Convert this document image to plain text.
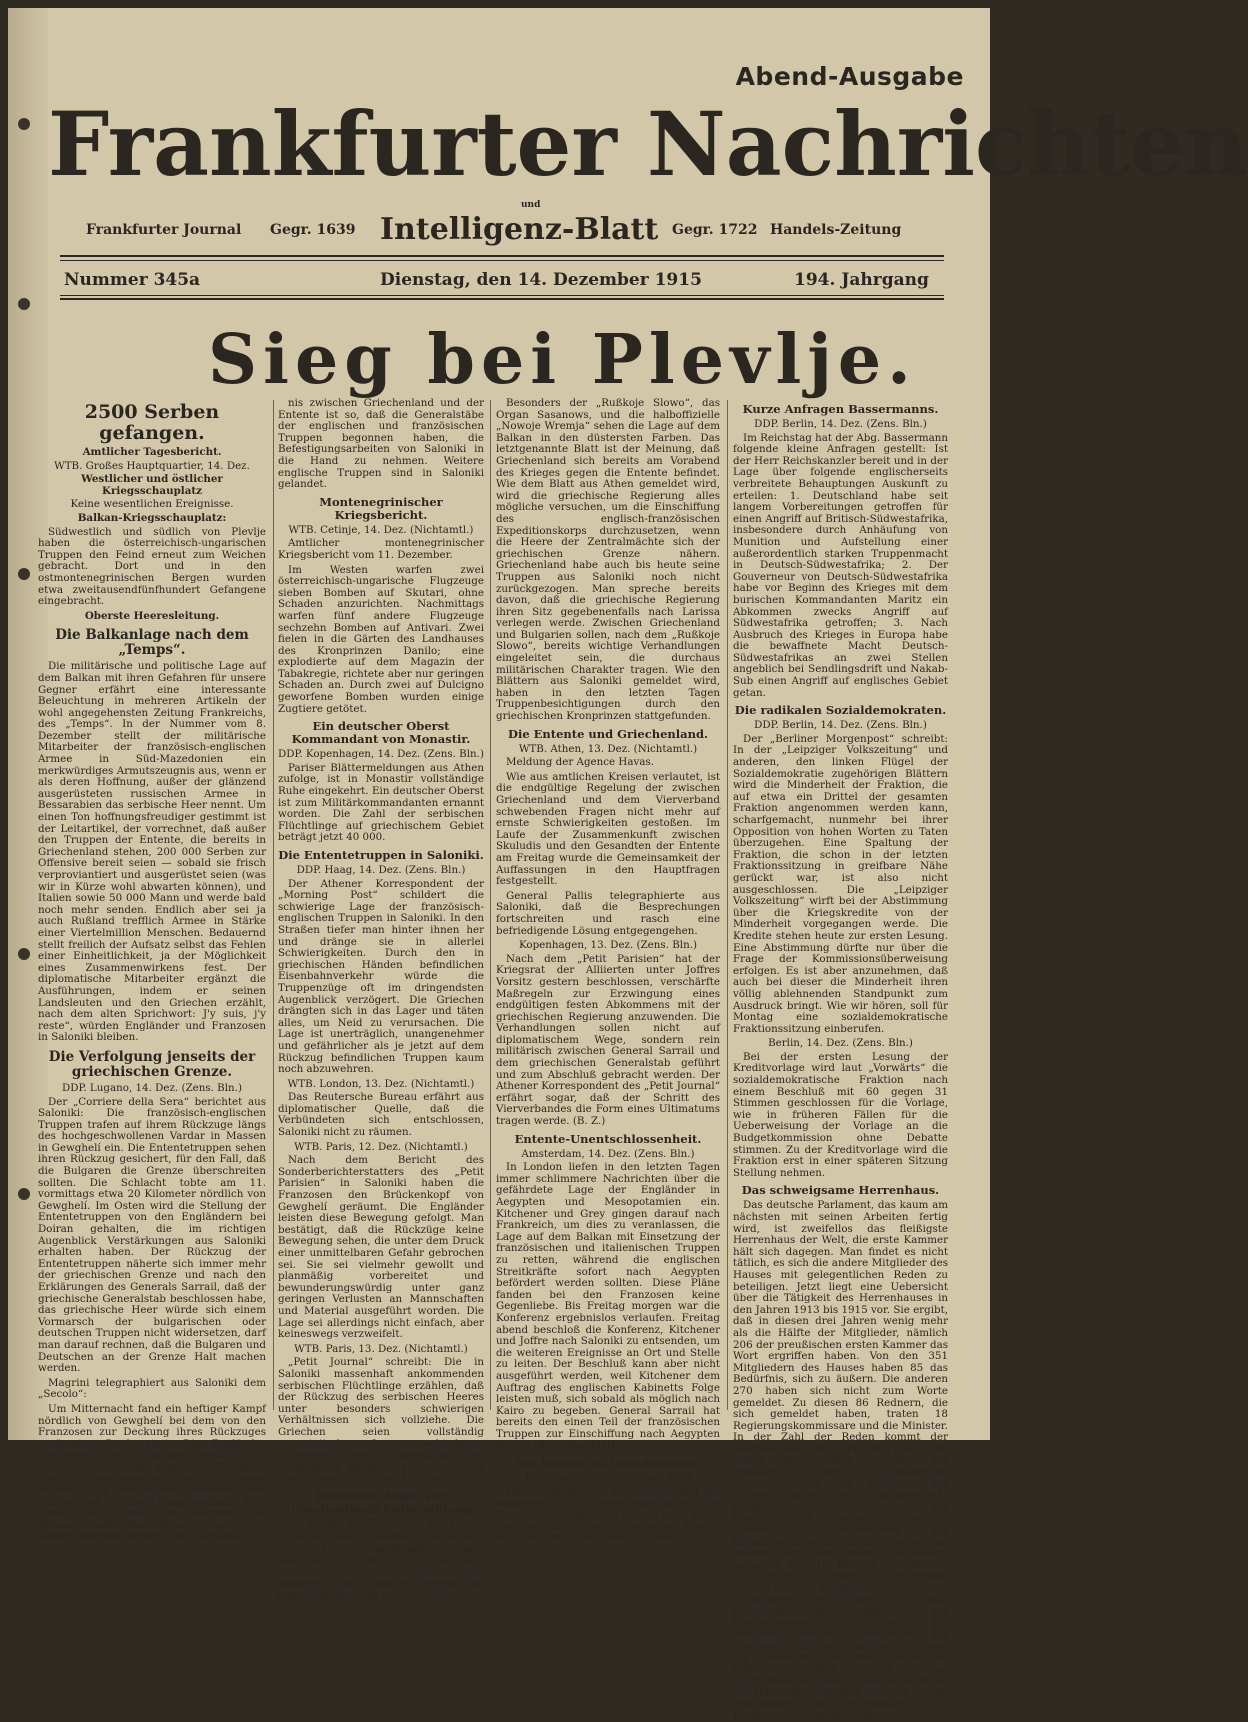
Abend-Ausgabe
Frankfurter Nachrichten
und
Frankfurter Journal Gegr. 1639 Intelligenz-Blatt Gegr. 1722 Handels-Zeitung
Nummer 345a	Dienstag, den 14. Dezember 1915	194. Jahrgang
Sieg bei Plevlje.
2500 Serben gefangen.
Amtlicher Tagesbericht.
WTB. Großes Hauptquartier, 14. Dez.
Westlicher und östlicher Kriegsschauplatz
Keine wesentlichen Ereignisse.
Balkan-Kriegsschauplatz:

Südwestlich und südlich von Plevlje haben die österreichisch-ungarischen Truppen den Feind erneut zum Weichen gebracht. Dort und in den ostmontenegrinischen Bergen wurden etwa zweitausendfünfhundert Gefangene eingebracht.

Oberste Heeresleitung.
Die Balkanlage nach dem „Temps“.

Die militärische und politische Lage auf dem Balkan mit ihren Gefahren für unsere Gegner erfährt eine interessante Beleuchtung in mehreren Artikeln der wohl angegehensten Zeitung Frankreichs, des „Temps“. In der Nummer vom 8. Dezember stellt der militärische Mitarbeiter der französisch-englischen Armee in Süd-Mazedonien ein merkwürdiges Armutszeugnis aus, wenn er als deren Hoffnung, außer der glänzend ausgerüsteten russischen Armee in Bessarabien das serbische Heer nennt. Um einen Ton hoffnungsfreudiger gestimmt ist der Leitartikel, der vorrechnet, daß außer den Truppen der Entente, die bereits in Griechenland stehen, 200 000 Serben zur Offensive bereit seien — sobald sie frisch verproviantiert und ausgerüstet seien (was wir in Kürze wohl abwarten können), und Italien sowie 50 000 Mann und werde bald noch mehr senden. Endlich aber sei ja auch Rußland trefflich Armee in Stärke einer Viertelmillion Menschen. Bedauernd stellt freilich der Aufsatz selbst das Fehlen einer Einheitlichkeit, ja der Möglichkeit eines Zusammenwirkens fest. Der diplomatische Mitarbeiter ergänzt die Ausführungen, indem er seinen Landsleuten und den Griechen erzählt, nach dem alten Sprichwort: J'y suis, j'y reste“, würden Engländer und Franzosen in Saloniki bleiben.

Die Verfolgung jenseits der griechischen Grenze.
DDP. Lugano, 14. Dez. (Zens. Bln.)

Der „Corriere della Sera“ berichtet aus Saloniki: Die französisch-englischen Truppen trafen auf ihrem Rückzuge längs des hochgeschwollenen Vardar in Massen in Gewghelí ein. Die Ententetruppen sehen ihren Rückzug gesichert, für den Fall, daß die Bulgaren die Grenze überschreiten sollten. Die Schlacht tobte am 11. vormittags etwa 20 Kilometer nördlich von Gewghelí. Im Osten wird die Stellung der Ententetruppen von den Engländern bei Doiran gehalten, die im richtigen Augenblick Verstärkungen aus Saloniki erhalten haben. Der Rückzug der Ententetruppen näherte sich immer mehr der griechischen Grenze und nach den Erklärungen des Generals Sarrail, daß der griechische Generalstab beschlossen habe, das griechische Heer würde sich einem Vormarsch der bulgarischen oder deutschen Truppen nicht widersetzen, darf man darauf rechnen, daß die Bulgaren und Deutschen an der Grenze Halt machen werden.

Magrini telegraphiert aus Saloniki dem „Secolo“:

Um Mitternacht fand ein heftiger Kampf nördlich von Gewghelí bei dem von den Franzosen zur Deckung ihres Rückzuges geräumten Dorfe statt. Die Engländer behaupten ihre Stellungen westlich und nördlich von Doiran gegen die Bulgaren. Die Zivilbevölkerung mußte Doiran räumen. Die serbischen Behörden von Doiran sind in Saloniki angekommen. Man glaubt nicht, daß die Bulgaren bei Monastir oder Demirhissar griechisches Gebiet betreten werden. Das Verhältnis

nis zwischen Griechenland und der Entente ist so, daß die Generalstäbe der englischen und französischen Truppen begonnen haben, die Befestigungsarbeiten von Saloniki in die Hand zu nehmen. Weitere englische Truppen sind in Saloniki gelandet.

Montenegrinischer Kriegsbericht.
WTB. Cetinje, 14. Dez. (Nichtamtl.)

Amtlicher montenegrinischer Kriegsbericht vom 11. Dezember.

Im Westen warfen zwei österreichisch-ungarische Flugzeuge sieben Bomben auf Skutari, ohne Schaden anzurichten. Nachmittags warfen fünf andere Flugzeuge sechzehn Bomben auf Antivari. Zwei fielen in die Gärten des Landhauses des Kronprinzen Danilo; eine explodierte auf dem Magazin der Tabakregie, richtete aber nur geringen Schaden an. Durch zwei auf Dulcigno geworfene Bomben wurden einige Zugtiere getötet.

Ein deutscher Oberst Kommandant von Monastir.
DDP. Kopenhagen, 14. Dez. (Zens. Bln.)

Pariser Blättermeldungen aus Athen zufolge, ist in Monastir vollständige Ruhe eingekehrt. Ein deutscher Oberst ist zum Militärkommandanten ernannt worden. Die Zahl der serbischen Flüchtlinge auf griechischem Gebiet beträgt jetzt 40 000.

Die Ententetruppen in Saloniki.
DDP. Haag, 14. Dez. (Zens. Bln.)

Der Athener Korrespondent der „Morning Post“ schildert die schwierige Lage der französisch-englischen Truppen in Saloniki. In den Straßen tiefer man hinter ihnen her und dränge sie in allerlei Schwierigkeiten. Durch den in griechischen Händen befindlichen Eisenbahnverkehr würde die Truppenzüge oft im dringendsten Augenblick verzögert. Die Griechen drängten sich in das Lager und täten alles, um Neid zu verursachen. Die Lage ist unerträglich, unangenehmer und gefährlicher als je jetzt auf dem Rückzug befindlichen Truppen kaum noch abzuwehren.

WTB. London, 13. Dez. (Nichtamtl.)

Das Reutersche Bureau erfährt aus diplomatischer Quelle, daß die Verbündeten sich entschlossen, Saloniki nicht zu räumen.

WTB. Paris, 12. Dez. (Nichtamtl.)

Nach dem Bericht des Sonderberichterstatters des „Petit Parisien“ in Saloniki haben die Franzosen den Brückenkopf von Gewghelí geräumt. Die Engländer leisten diese Bewegung gefolgt. Man bestätigt, daß die Rückzüge keine Bewegung sehen, die unter dem Druck einer unmittelbaren Gefahr gebrochen sei. Sie sei vielmehr gewollt und planmäßig vorbereitet und bewunderungswürdig unter ganz geringen Verlusten an Mannschaften und Material ausgeführt worden. Die Lage sei allerdings nicht einfach, aber keineswegs verzweifelt.

WTB. Paris, 13. Dez. (Nichtamtl.)

„Petit Journal“ schreibt: Die in Saloniki massenhaft ankommenden serbischen Flüchtlinge erzählen, daß der Rückzug des serbischen Heeres unter besonders schwierigen Verhältnissen sich vollziehe. Die Griechen seien vollständig unparteiisch. In verschiedenen Gegenden wüten Schneestürme. Die Verpflegung gestaltet sich nur unter den schwierigsten Verhältnissen.

Russische Angst vor Griechenlands Entscheidung.
Berlin. 13. Dez. (Zens. Bln.)

Der von der russischen Grenze wird dem „8 Uhr-Abendblatt“ unterm heutigen Datum gedrahtet: Außerordentlich pessimistisch bespricht die russische Presse die gegenwärtige Lage in Griechenland.

Besonders der „Rußkoje Slowo“, das Organ Sasanows, und die halboffizielle „Nowoje Wremja“ sehen die Lage auf dem Balkan in den düstersten Farben. Das letztgenannte Blatt ist der Meinung, daß Griechenland sich bereits am Vorabend des Krieges gegen die Entente befindet. Wie dem Blatt aus Athen gemeldet wird, wird die griechische Regierung alles mögliche versuchen, um die Einschiffung des englisch-französischen Expeditionskorps durchzusetzen, wenn die Heere der Zentralmächte sich der griechischen Grenze nähern. Griechenland habe auch bis heute seine Truppen aus Saloniki noch nicht zurückgezogen. Man spreche bereits davon, daß die griechische Regierung ihren Sitz gegebenenfalls nach Larissa verlegen werde. Zwischen Griechenland und Bulgarien sollen, nach dem „Rußkoje Slowo“, bereits wichtige Verhandlungen eingeleitet sein, die durchaus militärischen Charakter tragen. Wie den Blättern aus Saloniki gemeldet wird, haben in den letzten Tagen Truppenbesichtigungen durch den griechischen Kronprinzen stattgefunden.

Die Entente und Griechenland.
WTB. Athen, 13. Dez. (Nichtamtl.)

Meldung der Agence Havas.

Wie aus amtlichen Kreisen verlautet, ist die endgültige Regelung der zwischen Griechenland und dem Vierverband schwebenden Fragen nicht mehr auf ernste Schwierigkeiten gestoßen. Im Laufe der Zusammenkunft zwischen Skuludis und den Gesandten der Entente am Freitag wurde die Gemeinsamkeit der Auffassungen in den Hauptfragen festgestellt.

General Pallis telegraphierte aus Saloniki, daß die Besprechungen fortschreiten und rasch eine befriedigende Lösung entgegengehen.

Kopenhagen, 13. Dez. (Zens. Bln.)

Nach dem „Petit Parisien“ hat der Kriegsrat der Alliierten unter Joffres Vorsitz gestern beschlossen, verschärfte Maßregeln zur Erzwingung eines endgültigen festen Abkommens mit der griechischen Regierung anzuwenden. Die Verhandlungen sollen nicht auf diplomatischem Wege, sondern rein militärisch zwischen General Sarrail und dem griechischen Generalstab geführt und zum Abschluß gebracht werden. Der Athener Korrespondent des „Petit Journal“ erfährt sogar, daß der Schritt des Vierverbandes die Form eines Ultimatums tragen werde. (B. Z.)

Entente-Unentschlossenheit.
Amsterdam, 14. Dez. (Zens. Bln.)

In London liefen in den letzten Tagen immer schlimmere Nachrichten über die gefährdete Lage der Engländer in Aegypten und Mesopotamien ein. Kitchener und Grey gingen darauf nach Frankreich, um dies zu veranlassen, die Lage auf dem Balkan mit Einsetzung der französischen und italienischen Truppen zu retten, während die englischen Streitkräfte sofort nach Aegypten befördert werden sollten. Diese Pläne fanden bei den Franzosen keine Gegenliebe. Bis Freitag morgen war die Konferenz ergebnislos verlaufen. Freitag abend beschloß die Konferenz, Kitchener und Joffre nach Saloniki zu entsenden, um die weiteren Ereignisse an Ort und Stelle zu leiten. Der Beschluß kann aber nicht ausgeführt werden, weil Kitchener dem Auftrag des englischen Kabinetts Folge leisten muß, sich sobald als möglich nach Kairo zu begeben. General Sarrail hat bereits den einen Teil der französischen Truppen zur Einschiffung nach Aegypten bereit. (Berl. Tageblatt.)

Die Wahlen in Griechenland.
DDP. Genf, 13. Dez. (Zens. Bln.)

Die Wahlkampagne in Griechenland hat begonnen. Die Regierungspartei der Provinz Athen spaltete sich in zwei Teile; die eine stellte Gunaris, die andere Rhallis als Kandidaten auf. (Berl. Tageblatt.)

Kurze Anfragen Bassermanns.
DDP. Berlin, 14. Dez. (Zens. Bln.)

Im Reichstag hat der Abg. Bassermann folgende kleine Anfragen gestellt: Ist der Herr Reichskanzler bereit und in der Lage über folgende englischerseits verbreitete Behauptungen Auskunft zu erteilen: 1. Deutschland habe seit langem Vorbereitungen getroffen für einen Angriff auf Britisch-Südwestafrika, insbesondere durch Anhäufung von Munition und Aufstellung einer außerordentlich starken Truppenmacht in Deutsch-Südwestafrika; 2. Der Gouverneur von Deutsch-Südwestafrika habe vor Beginn des Krieges mit dem burischen Kommandanten Maritz ein Abkommen zwecks Angriff auf Südwestafrika getroffen; 3. Nach Ausbruch des Krieges in Europa habe die bewaffnete Macht Deutsch-Südwestafrikas an zwei Stellen angeblich bei Sendlingsdrift und Nakab-Sub einen Angriff auf englisches Gebiet getan.

Die radikalen Sozialdemokraten.
DDP. Berlin, 14. Dez. (Zens. Bln.)

Der „Berliner Morgenpost“ schreibt: In der „Leipziger Volkszeitung“ und anderen, den linken Flügel der Sozialdemokratie zugehörigen Blättern wird die Minderheit der Fraktion, die auf etwa ein Drittel der gesamten Fraktion angenommen werden kann, scharfgemacht, nunmehr bei ihrer Opposition von hohen Worten zu Taten überzugehen. Eine Spaltung der Fraktion, die schon in der letzten Fraktionssitzung in greifbare Nähe gerückt war, ist also nicht ausgeschlossen. Die „Leipziger Volkszeitung“ wirft bei der Abstimmung über die Kriegskredite von der Minderheit vorgegangen werde. Die Kredite stehen heute zur ersten Lesung. Eine Abstimmung dürfte nur über die Frage der Kommissionsüberweisung erfolgen. Es ist aber anzunehmen, daß auch bei dieser die Minderheit ihren völlig ablehnenden Standpunkt zum Ausdruck bringt. Wie wir hören, soll für Montag eine sozialdemokratische Fraktionssitzung einberufen.

Berlin, 14. Dez. (Zens. Bln.)

Bei der ersten Lesung der Kreditvorlage wird laut „Vorwärts“ die sozialdemokratische Fraktion nach einem Beschluß mit 60 gegen 31 Stimmen geschlossen für die Vorlage, wie in früheren Fällen für die Ueberweisung der Vorlage an die Budgetkommission ohne Debatte stimmen. Zu der Kreditvorlage wird die Fraktion erst in einer späteren Sitzung Stellung nehmen.

Das schweigsame Herrenhaus.

Das deutsche Parlament, das kaum am nächsten mit seinen Arbeiten fertig wird, ist zweifellos das fleißigste Herrenhaus der Welt, die erste Kammer hält sich dagegen. Man findet es nicht tätlich, es sich die andere Mitglieder des Hauses mit gelegentlichen Reden zu beteiligen. Jetzt liegt eine Uebersicht über die Tätigkeit des Herrenhauses in den Jahren 1913 bis 1915 vor. Sie ergibt, daß in diesen drei Jahren wenig mehr als die Hälfte der Mitglieder, nämlich 206 der preußischen ersten Kammer das Wort ergriffen haben. Von den 351 Mitgliedern des Hauses haben 85 das Bedürfnis, sich zu äußern. Die anderen 270 haben sich nicht zum Worte gemeldet. Zu diesen 86 Rednern, die sich gemeldet haben, traten 18 Regierungskommissare und die Minister. In der Zahl der Reden kommt der Reichskanzler, der in Preußen auch noch erster Staatsminister ist, dann der Minister der auswärtigen Angelegenheiten als Minister des Innern, ferner der Staatssekretär Freiherr von Schorlemer, der Finanzminister Lentze, Sydow, v. Loebell, v. Schorlemer, der Handelsminister, Dr. Solf, v. Jagow und andere. Von den anderen Ministern sprachen noch Dr. Beseler, v. Delbrück, Dr. Lentze, v. Loebell, v. Schorlemer, Sydow, Dr. Solf, Kriegsminister Wild von Hohenborn, der Minister für Elsaß-Lothringen, der Reichskanzler, der Kolonialsekretär, v. Tirpitz, der Reichsschatzsekretär Helfferich, der Staatssekretär des Aeußeren v. Jagow, die ebenfalls als drei preußische Minister sind. Von den Herrenhausmitgliedern wären noch zu erwähnen der Präsident Graf von Arnim-Boitzenburg, der Reichskanzler, der Freiherr v. Richthofen-Damsdorf, der
